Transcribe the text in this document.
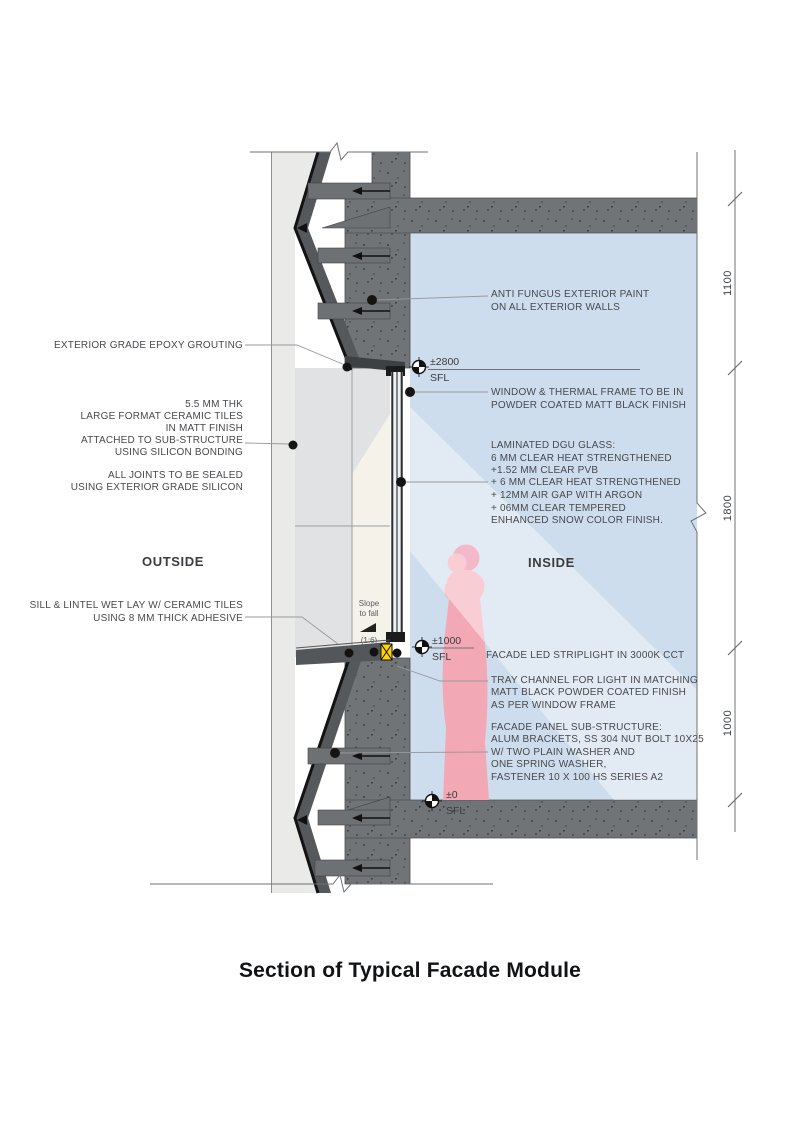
±2800
SFL
±1000
SFL
±0
SFL
1100
1800
1000
Slope
to fall
(1:6)
EXTERIOR GRADE EPOXY GROUTING
5.5 MM THK
LARGE FORMAT CERAMIC TILES
IN MATT FINISH
ATTACHED TO SUB-STRUCTURE
USING SILICON BONDING
ALL JOINTS TO BE SEALED
USING EXTERIOR GRADE SILICON
SILL & LINTEL WET LAY W/ CERAMIC TILES
USING 8 MM THICK ADHESIVE
OUTSIDE
ANTI FUNGUS EXTERIOR PAINT
ON ALL EXTERIOR WALLS
WINDOW & THERMAL FRAME TO BE IN
POWDER COATED MATT BLACK FINISH
LAMINATED DGU GLASS:
6 MM CLEAR HEAT STRENGTHENED
+1.52 MM CLEAR PVB
+ 6 MM CLEAR HEAT STRENGTHENED
+ 12MM AIR GAP WITH ARGON
+ 06MM CLEAR TEMPERED
ENHANCED SNOW COLOR FINISH.
FACADE LED STRIPLIGHT IN 3000K CCT
TRAY CHANNEL FOR LIGHT IN MATCHING
MATT BLACK POWDER COATED FINISH
AS PER WINDOW FRAME
FACADE PANEL SUB-STRUCTURE:
ALUM BRACKETS, SS 304 NUT BOLT 10X25
W/ TWO PLAIN WASHER AND
ONE SPRING WASHER,
FASTENER 10 X 100 HS SERIES A2
INSIDE
Section of Typical Facade Module
